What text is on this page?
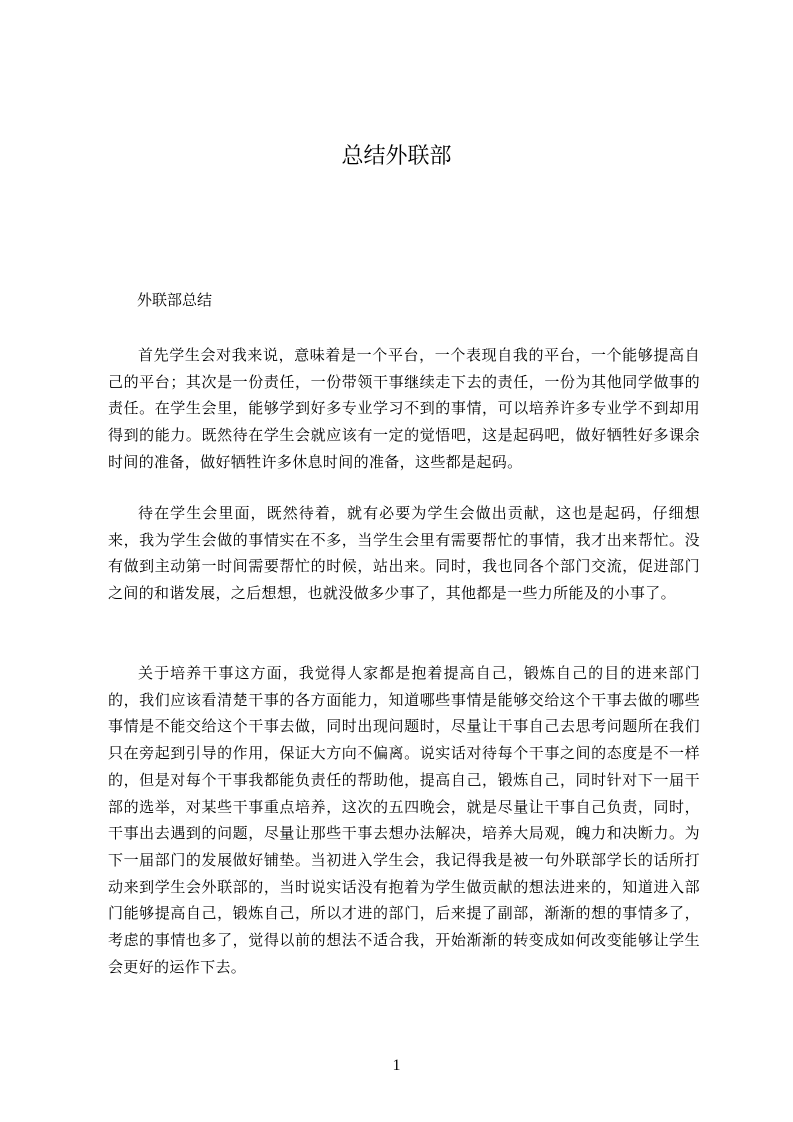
总结外联部
外联部总结

首先学生会对我来说，意味着是一个平台，一个表现自我的平台，一个能够提高自己的平台；其次是一份责任，一份带领干事继续走下去的责任，一份为其他同学做事的责任。在学生会里，能够学到好多专业学习不到的事情，可以培养许多专业学不到却用得到的能力。既然待在学生会就应该有一定的觉悟吧，这是起码吧，做好牺牲好多课余时间的准备，做好牺牲许多休息时间的准备，这些都是起码。

待在学生会里面，既然待着，就有必要为学生会做出贡献，这也是起码，仔细想来，我为学生会做的事情实在不多，当学生会里有需要帮忙的事情，我才出来帮忙。没有做到主动第一时间需要帮忙的时候，站出来。同时，我也同各个部门交流，促进部门之间的和谐发展，之后想想，也就没做多少事了，其他都是一些力所能及的小事了。

关于培养干事这方面，我觉得人家都是抱着提高自己，锻炼自己的目的进来部门的，我们应该看清楚干事的各方面能力，知道哪些事情是能够交给这个干事去做的哪些事情是不能交给这个干事去做，同时出现问题时，尽量让干事自己去思考问题所在我们只在旁起到引导的作用，保证大方向不偏离。说实话对待每个干事之间的态度是不一样的，但是对每个干事我都能负责任的帮助他，提高自己，锻炼自己，同时针对下一届干部的选举，对某些干事重点培养，这次的五四晚会，就是尽量让干事自己负责，同时，干事出去遇到的问题，尽量让那些干事去想办法解决，培养大局观，魄力和决断力。为下一届部门的发展做好铺垫。当初进入学生会，我记得我是被一句外联部学长的话所打动来到学生会外联部的，当时说实话没有抱着为学生做贡献的想法进来的，知道进入部门能够提高自己，锻炼自己，所以才进的部门，后来提了副部，渐渐的想的事情多了，考虑的事情也多了，觉得以前的想法不适合我，开始渐渐的转变成如何改变能够让学生会更好的运作下去。

1
